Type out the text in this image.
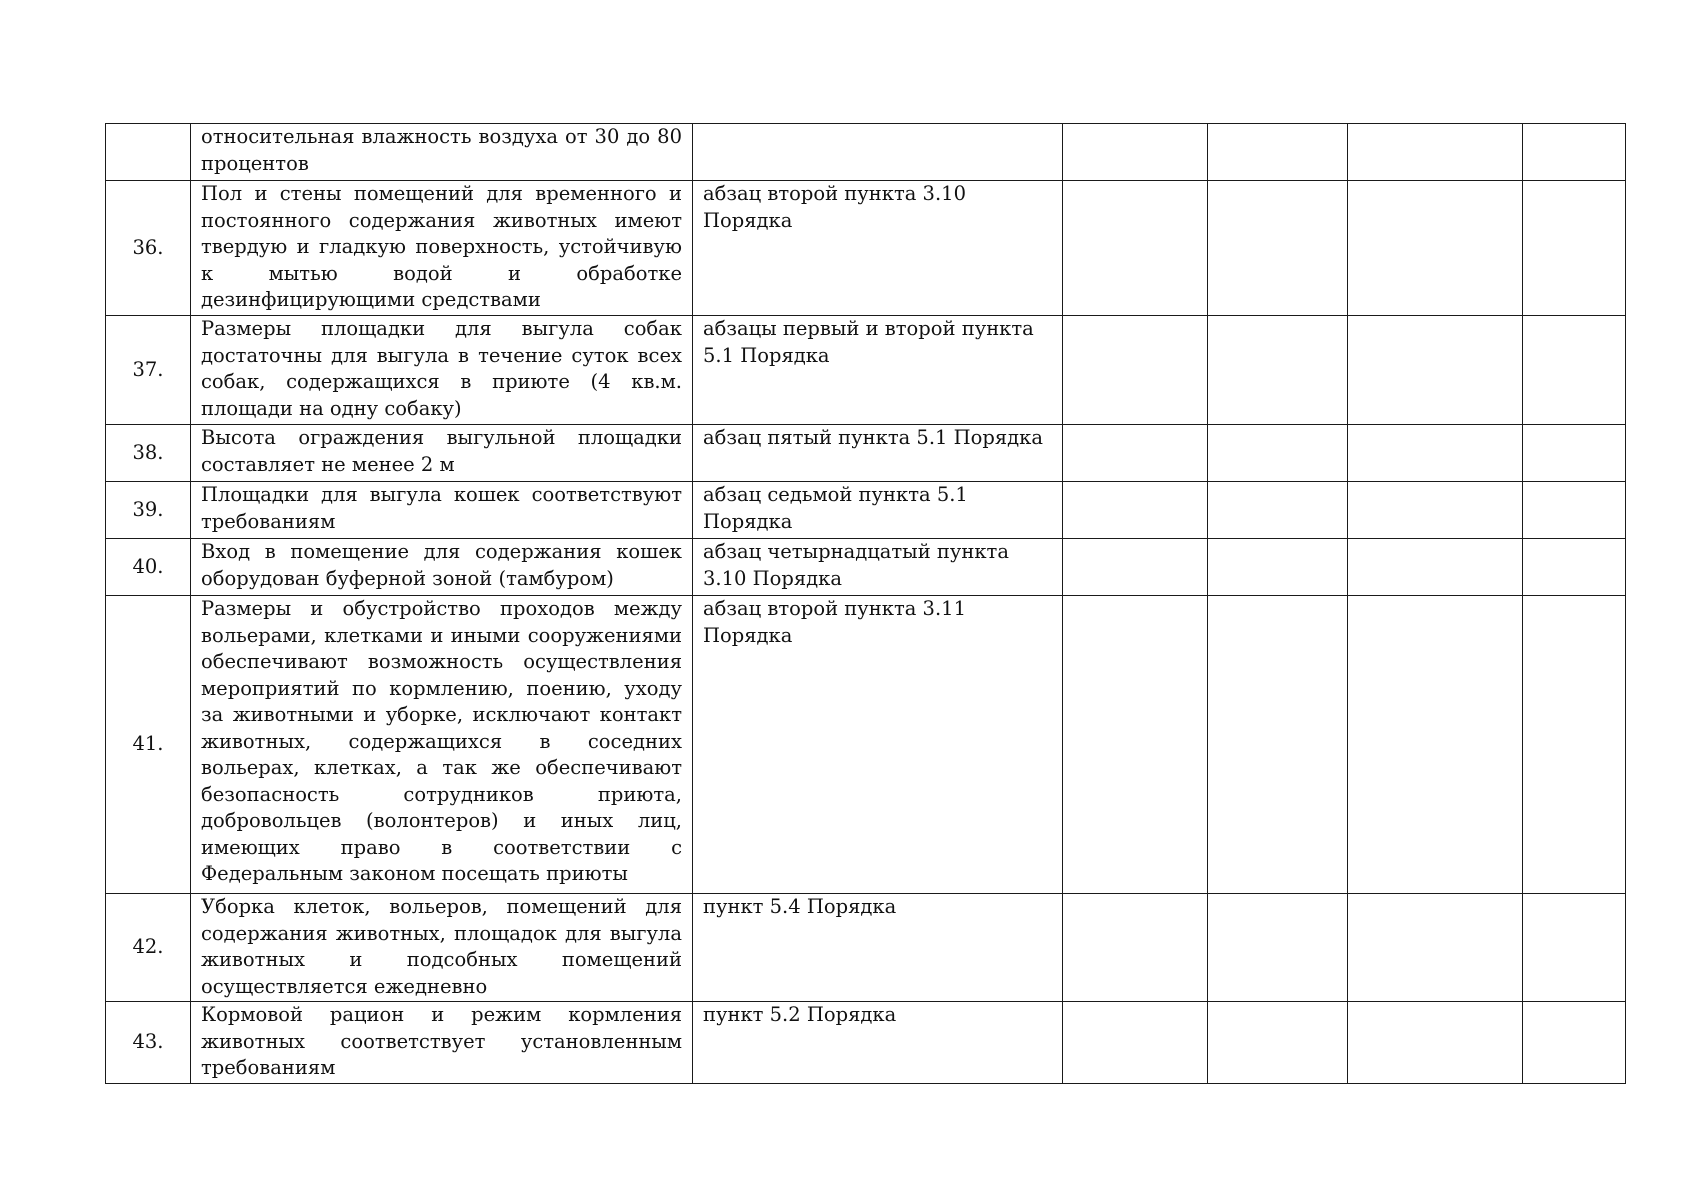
	относительная влажность воздуха от 30 до 80 процентов					
36.	Пол и стены помещений для временного и постоянного содержания животных имеют твердую и гладкую поверхность, устойчивую к мытью водой и обработке дезинфицирующими средствами	абзац второй пункта 3.10 Порядка				
37.	Размеры площадки для выгула собак достаточны для выгула в течение суток всех собак, содержащихся в приюте (4 кв.м. площади на одну собаку)	абзацы первый и второй пункта 5.1 Порядка				
38.	Высота ограждения выгульной площадки составляет не менее 2 м	абзац пятый пункта 5.1 Порядка				
39.	Площадки для выгула кошек соответствуют требованиям	абзац седьмой пункта 5.1 Порядка				
40.	Вход в помещение для содержания кошек оборудован буферной зоной (тамбуром)	абзац четырнадцатый пункта 3.10 Порядка				
41.	Размеры и обустройство проходов между вольерами, клетками и иными сооружениями обеспечивают возможность осуществления мероприятий по кормлению, поению, уходу за животными и уборке, исключают контакт животных, содержащихся в соседних вольерах, клетках, а так же обеспечивают безопасность сотрудников приюта, добровольцев (волонтеров) и иных лиц, имеющих право в соответствии с Федеральным законом посещать приюты	абзац второй пункта 3.11 Порядка				
42.	Уборка клеток, вольеров, помещений для содержания животных, площадок для выгула животных и подсобных помещений осуществляется ежедневно	пункт 5.4 Порядка				
43.	Кормовой рацион и режим кормления животных соответствует установленным требованиям	пункт 5.2 Порядка				
